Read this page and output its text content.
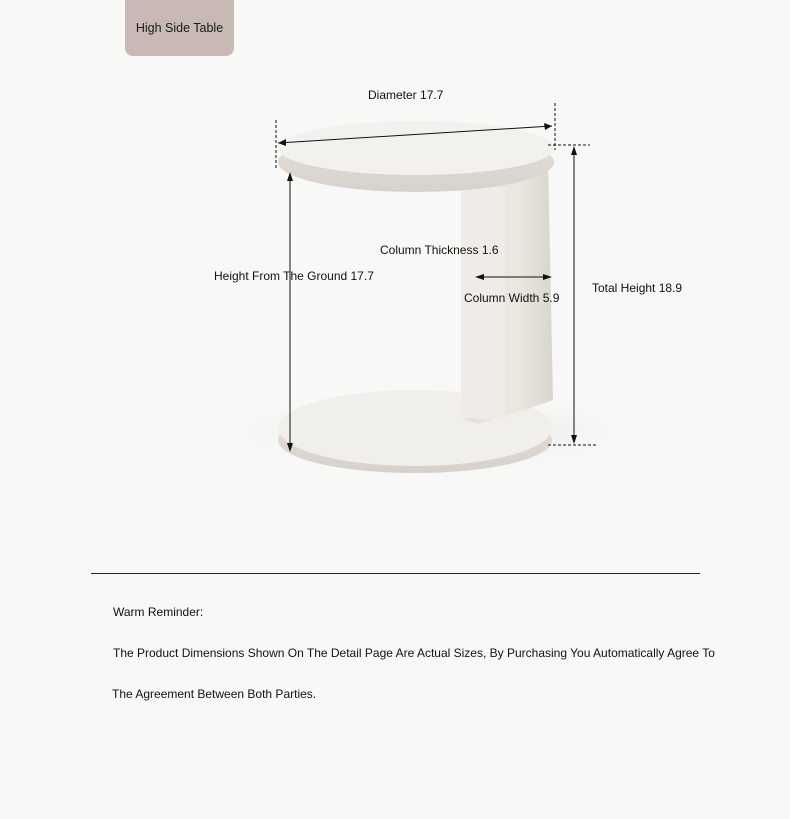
High Side Table
Diameter 17.7
Column Thickness 1.6
Height From The Ground 17.7
Column Width 5.9
Total Height 18.9
Warm Reminder:
The Product Dimensions Shown On The Detail Page Are Actual Sizes, By Purchasing You Automatically Agree To
The Agreement Between Both Parties.
